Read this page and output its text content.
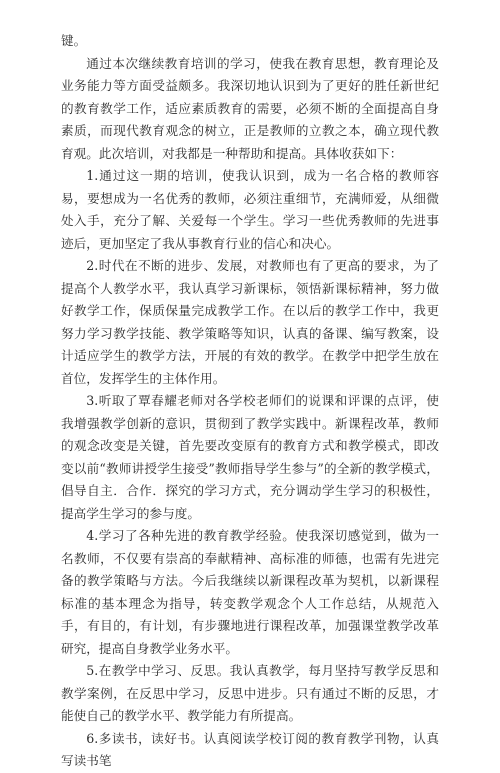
键。

通过本次继续教育培训的学习，使我在教育思想，教育理论及业务能力等方面受益颇多。我深切地认识到为了更好的胜任新世纪的教育教学工作，适应素质教育的需要，必须不断的全面提高自身素质，而现代教育观念的树立，正是教师的立教之本，确立现代教育观。此次培训，对我都是一种帮助和提高。具体收获如下：

1.通过这一期的培训，使我认识到，成为一名合格的教师容易，要想成为一名优秀的教师，必须注重细节，充满师爱，从细微处入手，充分了解、关爱每一个学生。学习一些优秀教师的先进事迹后，更加坚定了我从事教育行业的信心和决心。

2.时代在不断的进步、发展，对教师也有了更高的要求，为了提高个人教学水平，我认真学习新课标，领悟新课标精神，努力做好教学工作，保质保量完成教学工作。在以后的教学工作中，我更努力学习教学技能、教学策略等知识，认真的备课、编写教案，设计适应学生的教学方法，开展的有效的教学。在教学中把学生放在首位，发挥学生的主体作用。

3.听取了覃春耀老师对各学校老师们的说课和评课的点评，使我增强教学创新的意识，贯彻到了教学实践中。新课程改革，教师的观念改变是关键，首先要改变原有的教育方式和教学模式，即改变以前“教师讲授学生接受”教师指导学生参与”的全新的教学模式，倡导自主．合作．探究的学习方式，充分调动学生学习的积极性，提高学生学习的参与度。

4.学习了各种先进的教育教学经验。使我深切感觉到，做为一名教师，不仅要有崇高的奉献精神、高标准的师德，也需有先进完备的教学策略与方法。今后我继续以新课程改革为契机，以新课程标准的基本理念为指导，转变教学观念个人工作总结，从规范入手，有目的，有计划，有步骤地进行课程改革，加强课堂教学改革研究，提高自身教学业务水平。

5.在教学中学习、反思。我认真教学，每月坚持写教学反思和教学案例，在反思中学习，反思中进步。只有通过不断的反思，才能使自己的教学水平、教学能力有所提高。

6.多读书，读好书。认真阅读学校订阅的教育教学刊物，认真写读书笔
